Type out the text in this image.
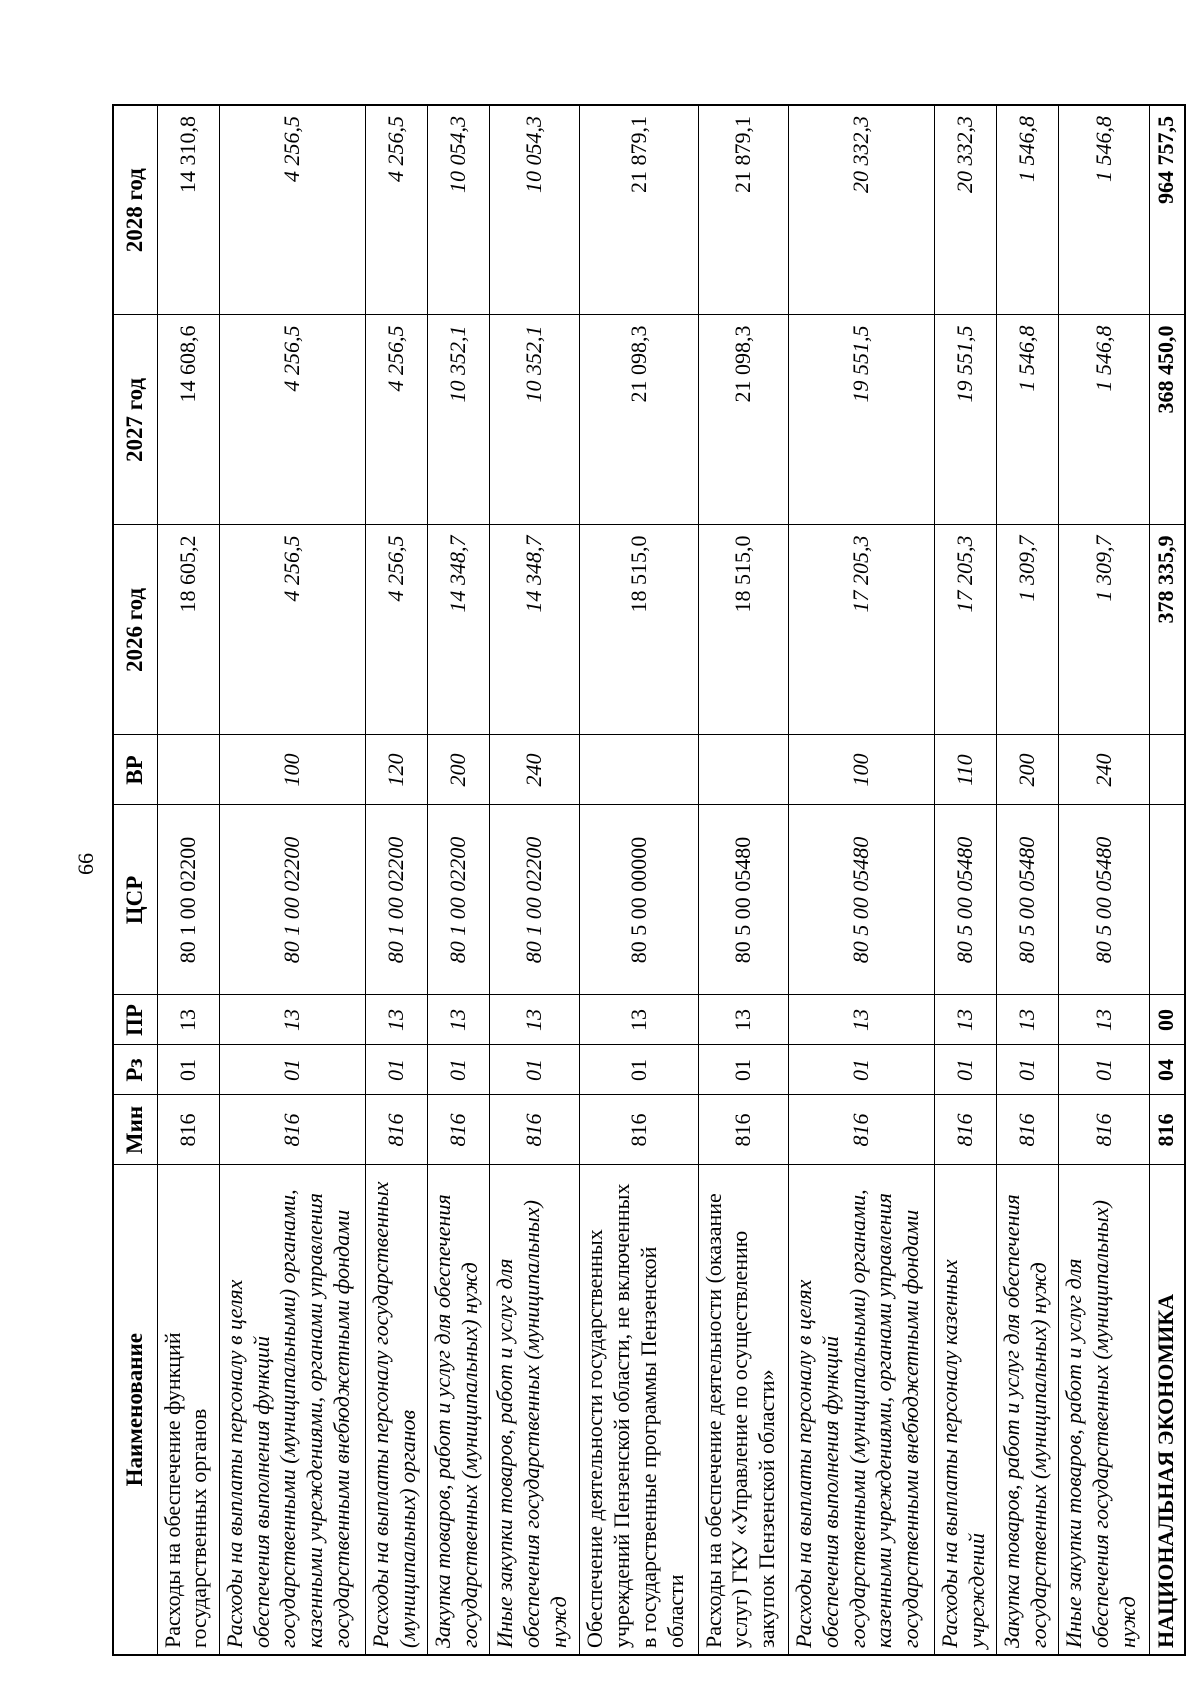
66
Наименование	Мин	Рз	ПР	ЦСР	ВР	2026 год	2027 год	2028 год
Расходы на обеспечение функций государственных органов	816	01	13	80 1 00 02200		18 605,2	14 608,6	14 310,8
Расходы на выплаты персоналу в целях обеспечения выполнения функций государственными (муниципальными) органами, казенными учреждениями, органами управления государственными внебюджетными фондами	816	01	13	80 1 00 02200	100	4 256,5	4 256,5	4 256,5
Расходы на выплаты персоналу государственных (муниципальных) органов	816	01	13	80 1 00 02200	120	4 256,5	4 256,5	4 256,5
Закупка товаров, работ и услуг для обеспечения государственных (муниципальных) нужд	816	01	13	80 1 00 02200	200	14 348,7	10 352,1	10 054,3
Иные закупки товаров, работ и услуг для обеспечения государственных (муниципальных) нужд	816	01	13	80 1 00 02200	240	14 348,7	10 352,1	10 054,3
Обеспечение деятельности государственных учреждений Пензенской области, не включенных в государственные программы Пензенской области	816	01	13	80 5 00 00000		18 515,0	21 098,3	21 879,1
Расходы на обеспечение деятельности (оказание услуг) ГКУ «Управление по осуществлению закупок Пензенской области»	816	01	13	80 5 00 05480		18 515,0	21 098,3	21 879,1
Расходы на выплаты персоналу в целях обеспечения выполнения функций государственными (муниципальными) органами, казенными учреждениями, органами управления государственными внебюджетными фондами	816	01	13	80 5 00 05480	100	17 205,3	19 551,5	20 332,3
Расходы на выплаты персоналу казенных учреждений	816	01	13	80 5 00 05480	110	17 205,3	19 551,5	20 332,3
Закупка товаров, работ и услуг для обеспечения государственных (муниципальных) нужд	816	01	13	80 5 00 05480	200	1 309,7	1 546,8	1 546,8
Иные закупки товаров, работ и услуг для обеспечения государственных (муниципальных) нужд	816	01	13	80 5 00 05480	240	1 309,7	1 546,8	1 546,8
НАЦИОНАЛЬНАЯ ЭКОНОМИКА	816	04	00			378 335,9	368 450,0	964 757,5
